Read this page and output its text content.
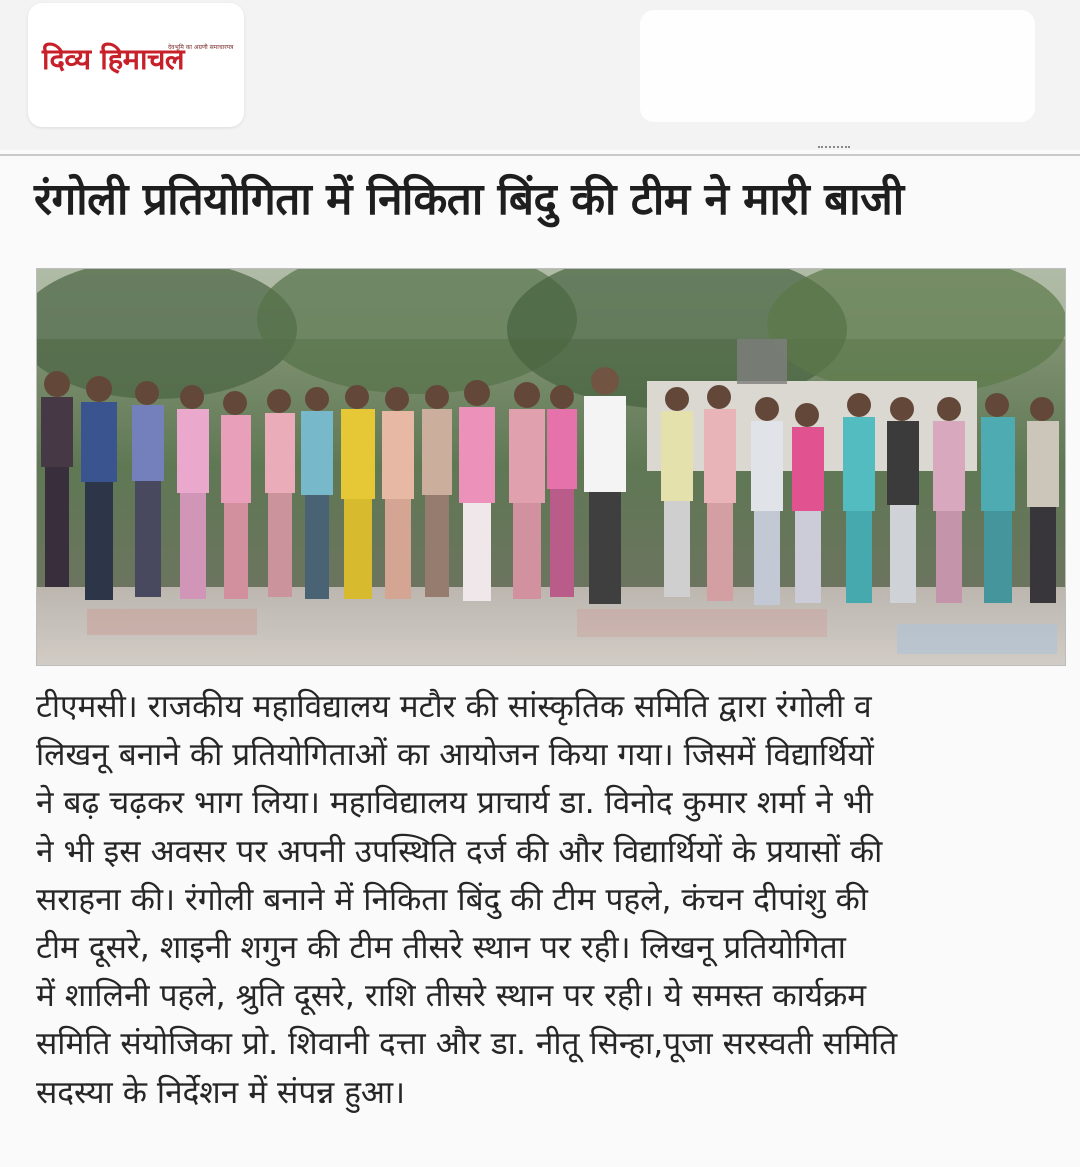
देवभूमि का अग्रणी समाचारपत्र
दिव्य हिमाचल
रंगोली प्रतियोगिता में निकिता बिंदु की टीम ने मारी बाजी
टीएमसी। राजकीय महाविद्यालय मटौर की सांस्कृतिक समिति द्वारा रंगोली व
लिखनू बनाने की प्रतियोगिताओं का आयोजन किया गया। जिसमें विद्यार्थियों
ने बढ़ चढ़कर भाग लिया। महाविद्यालय प्राचार्य डा. विनोद कुमार शर्मा ने भी
ने भी इस अवसर पर अपनी उपस्थिति दर्ज की और विद्यार्थियों के प्रयासों की
सराहना की। रंगोली बनाने में निकिता बिंदु की टीम पहले, कंचन दीपांशु की
टीम दूसरे, शाइनी शगुन की टीम तीसरे स्थान पर रही। लिखनू प्रतियोगिता
में शालिनी पहले, श्रुति दूसरे, राशि तीसरे स्थान पर रही। ये समस्त कार्यक्रम
समिति संयोजिका प्रो. शिवानी दत्ता और डा. नीतू सिन्हा,पूजा सरस्वती समिति
सदस्या के निर्देशन में संपन्न हुआ।
